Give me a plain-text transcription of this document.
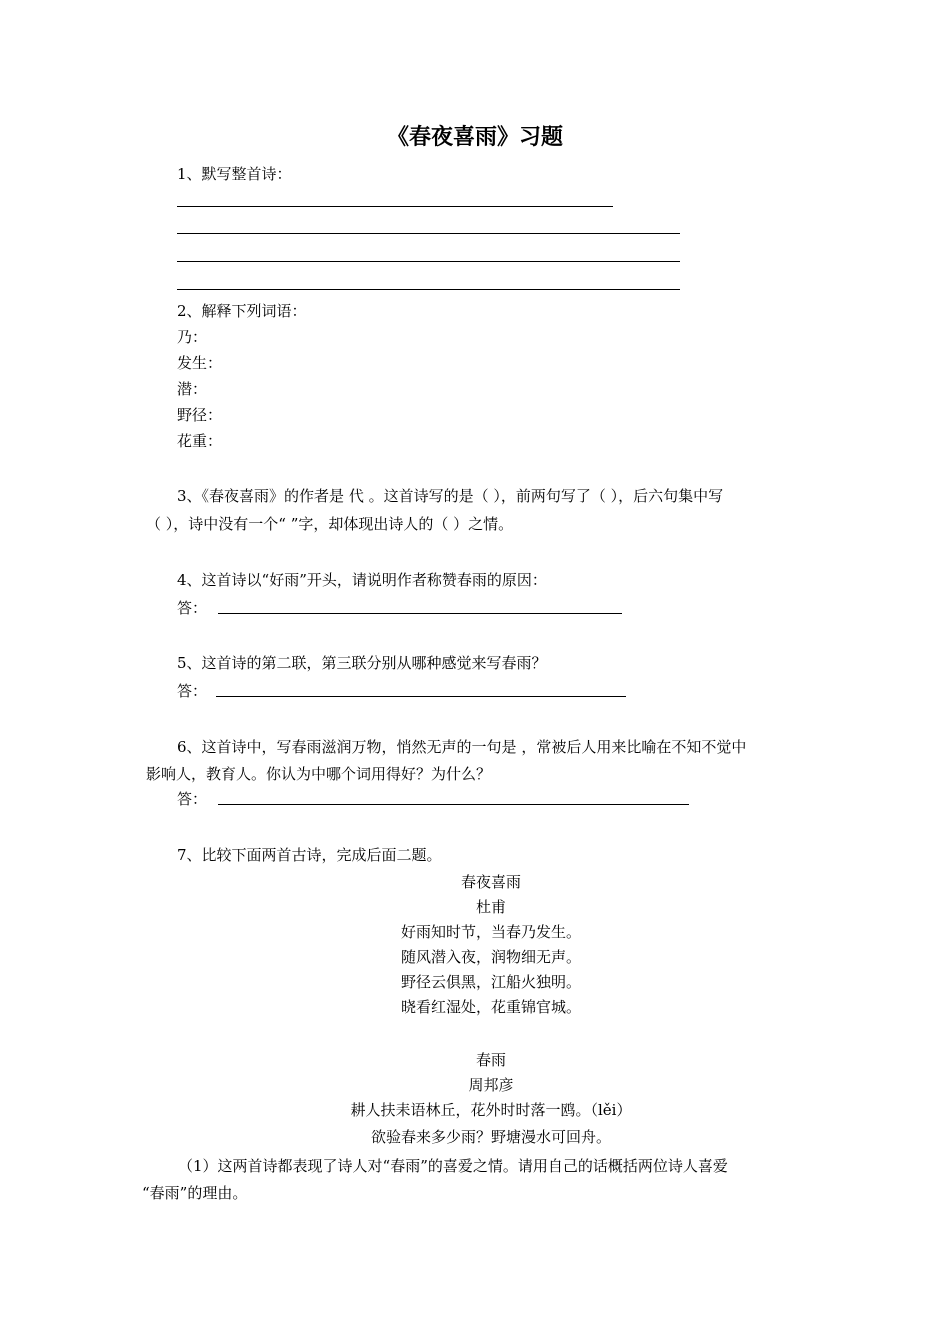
《春夜喜雨》习题
1、默写整首诗：
2、解释下列词语：
乃：
发生：
潜：
野径：
花重：
3、《春夜喜雨》的作者是 代 。这首诗写的是（ ），前两句写了（ ），后六句集中写
（ ），诗中没有一个“ ”字，却体现出诗人的（ ）之情。
4、这首诗以“好雨”开头，请说明作者称赞春雨的原因：
答：
5、这首诗的第二联，第三联分别从哪种感觉来写春雨？
答：
6、这首诗中，写春雨滋润万物，悄然无声的一句是 ，常被后人用来比喻在不知不觉中
影响人，教育人。你认为中哪个词用得好？为什么？
答：
7、比较下面两首古诗，完成后面二题。
春夜喜雨
杜甫
好雨知时节，当春乃发生。
随风潜入夜，润物细无声。
野径云俱黑，江船火独明。
晓看红湿处，花重锦官城。
春雨
周邦彦
耕人扶耒语林丘，花外时时落一鸥。（lěi）
欲验春来多少雨？野塘漫水可回舟。
（1）这两首诗都表现了诗人对“春雨”的喜爱之情。请用自己的话概括两位诗人喜爱
“春雨”的理由。
